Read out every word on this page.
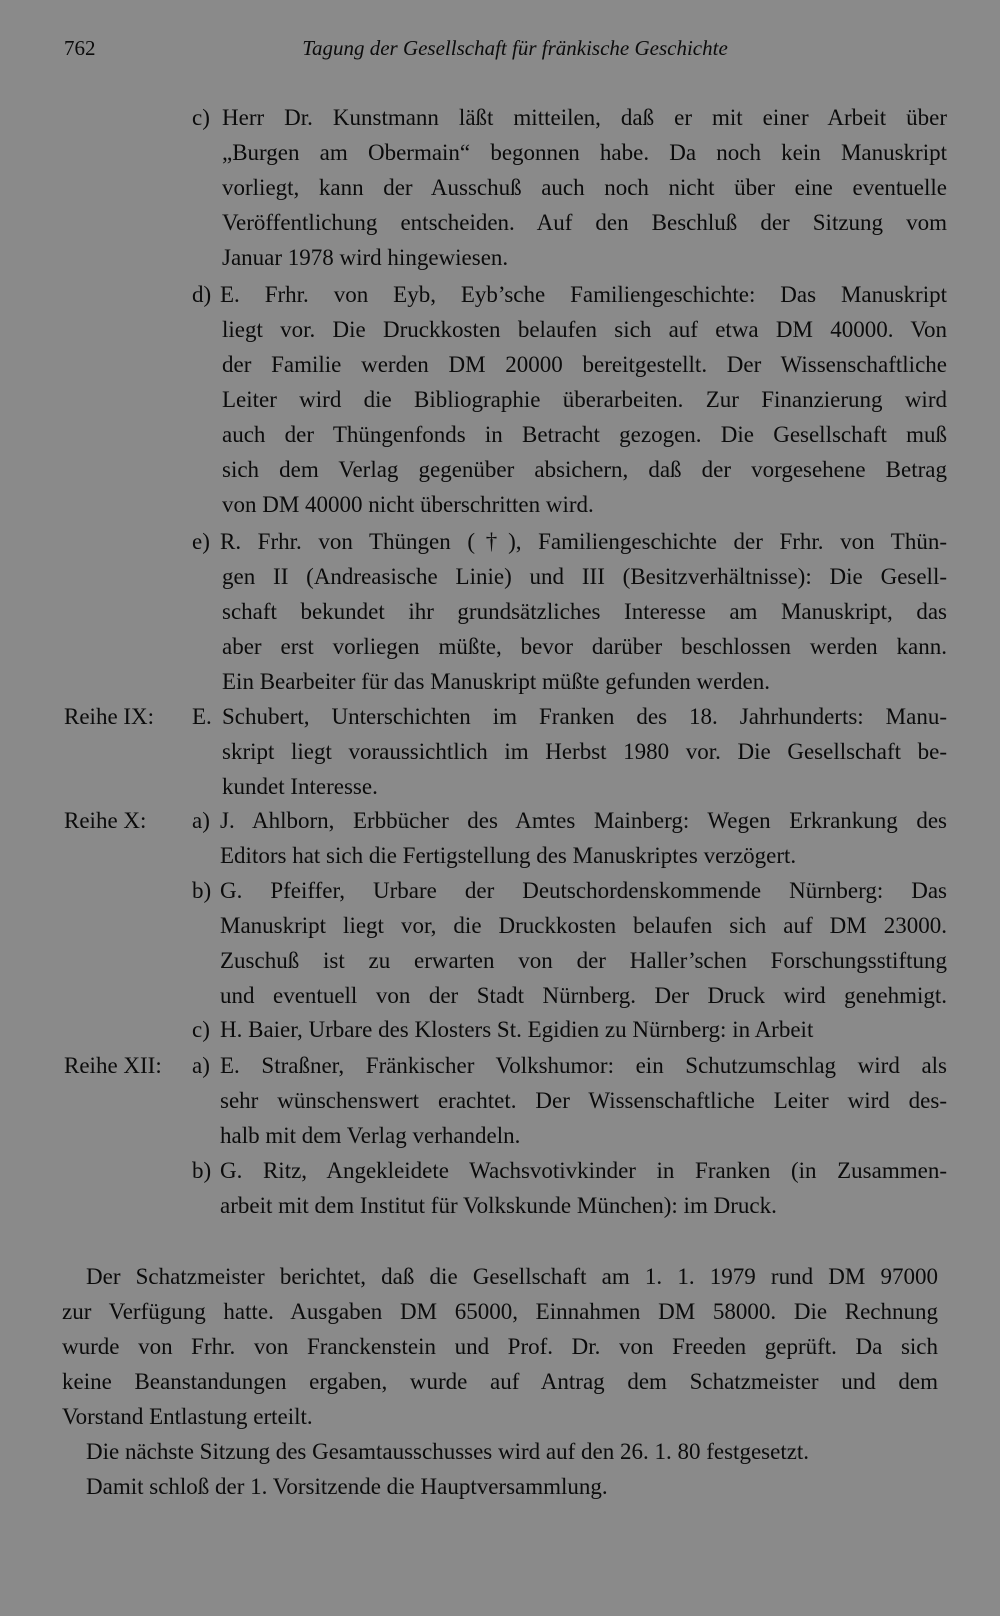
762	Tagung der Gesellschaft für fränkische Geschichte
Reihe IX:
Reihe X:
Reihe XII:
c)
d)
e)
E.
a)
b)
c)
a)
b)
Herr Dr. Kunstmann läßt mitteilen, daß er mit einer Arbeit über
„Burgen am Obermain“ begonnen habe. Da noch kein Manuskript
vorliegt, kann der Ausschuß auch noch nicht über eine eventuelle
Veröffentlichung entscheiden. Auf den Beschluß der Sitzung vom
Januar 1978 wird hingewiesen.
E. Frhr. von Eyb, Eyb’sche Familiengeschichte: Das Manuskript
liegt vor. Die Druckkosten belaufen sich auf etwa DM 40000. Von
der Familie werden DM 20000 bereitgestellt. Der Wissenschaftliche
Leiter wird die Bibliographie überarbeiten. Zur Finanzierung wird
auch der Thüngenfonds in Betracht gezogen. Die Gesellschaft muß
sich dem Verlag gegenüber absichern, daß der vorgesehene Betrag
von DM 40000 nicht überschritten wird.
R. Frhr. von Thüngen (†), Familiengeschichte der Frhr. von Thün-
gen II (Andreasische Linie) und III (Besitzverhältnisse): Die Gesell-
schaft bekundet ihr grundsätzliches Interesse am Manuskript, das
aber erst vorliegen müßte, bevor darüber beschlossen werden kann.
Ein Bearbeiter für das Manuskript müßte gefunden werden.
Schubert, Unterschichten im Franken des 18. Jahrhunderts: Manu-
skript liegt voraussichtlich im Herbst 1980 vor. Die Gesellschaft be-
kundet Interesse.
J. Ahlborn, Erbbücher des Amtes Mainberg: Wegen Erkrankung des
Editors hat sich die Fertigstellung des Manuskriptes verzögert.
G. Pfeiffer, Urbare der Deutschordenskommende Nürnberg: Das
Manuskript liegt vor, die Druckkosten belaufen sich auf DM 23000.
Zuschuß ist zu erwarten von der Haller’schen Forschungsstiftung
und eventuell von der Stadt Nürnberg. Der Druck wird genehmigt.
H. Baier, Urbare des Klosters St. Egidien zu Nürnberg: in Arbeit
E. Straßner, Fränkischer Volkshumor: ein Schutzumschlag wird als
sehr wünschenswert erachtet. Der Wissenschaftliche Leiter wird des-
halb mit dem Verlag verhandeln.
G. Ritz, Angekleidete Wachsvotivkinder in Franken (in Zusammen-
arbeit mit dem Institut für Volkskunde München): im Druck.
Der Schatzmeister berichtet, daß die Gesellschaft am 1. 1. 1979 rund DM 97000
zur Verfügung hatte. Ausgaben DM 65000, Einnahmen DM 58000. Die Rechnung
wurde von Frhr. von Franckenstein und Prof. Dr. von Freeden geprüft. Da sich
keine Beanstandungen ergaben, wurde auf Antrag dem Schatzmeister und dem
Vorstand Entlastung erteilt.
Die nächste Sitzung des Gesamtausschusses wird auf den 26. 1. 80 festgesetzt.
Damit schloß der 1. Vorsitzende die Hauptversammlung.
